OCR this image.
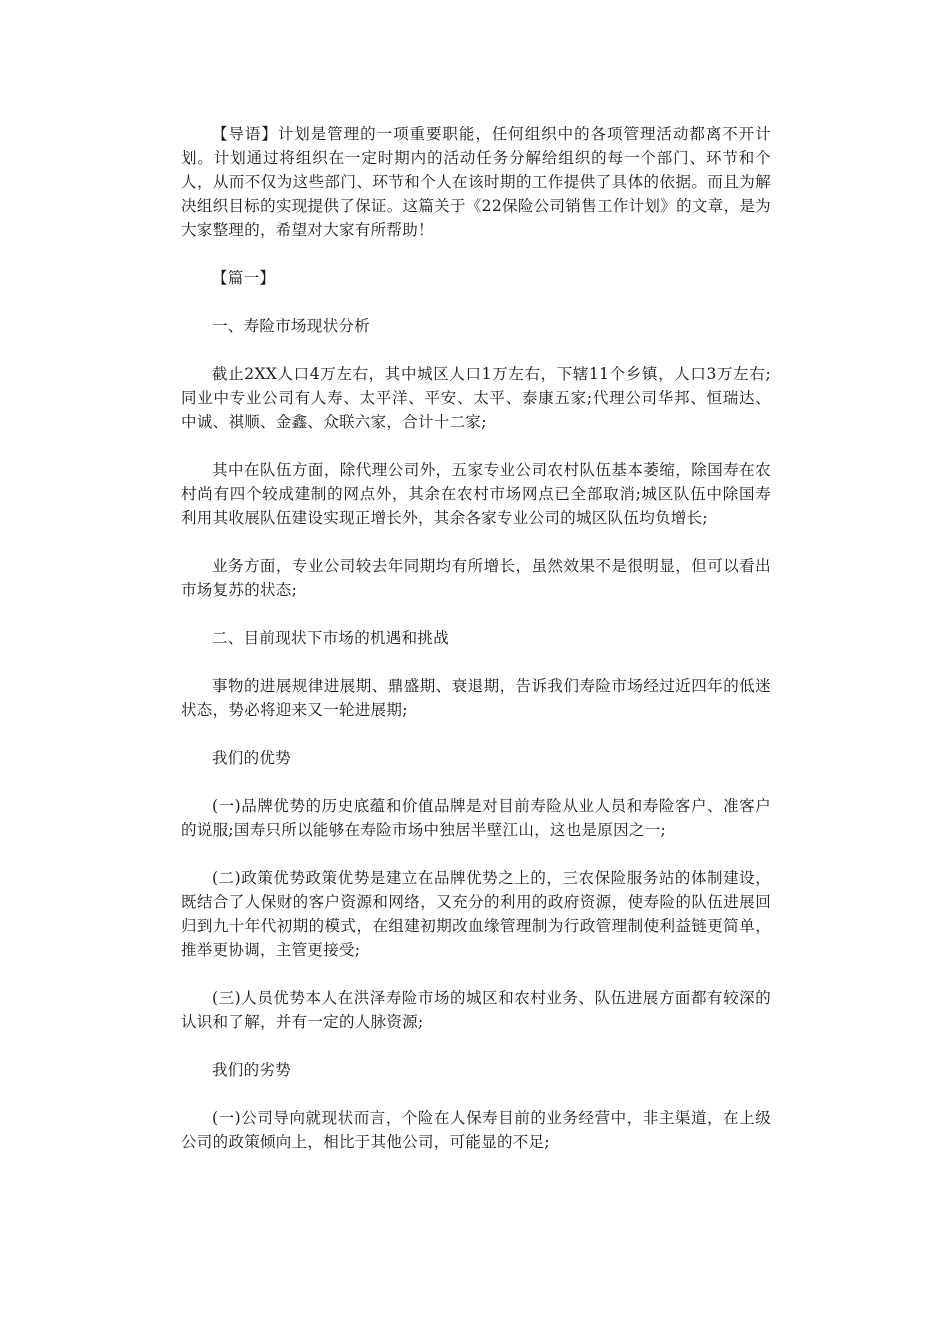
【导语】计划是管理的一项重要职能，任何组织中的各项管理活动都离不开计划。计划通过将组织在一定时期内的活动任务分解给组织的每一个部门、环节和个人，从而不仅为这些部门、环节和个人在该时期的工作提供了具体的依据。而且为解决组织目标的实现提供了保证。这篇关于《22保险公司销售工作计划》的文章，是为大家整理的，希望对大家有所帮助！

【篇一】

一、寿险市场现状分析

截止2XX人口4万左右，其中城区人口1万左右，下辖11个乡镇，人口3万左右;同业中专业公司有人寿、太平洋、平安、太平、泰康五家;代理公司华邦、恒瑞达、中诚、祺顺、金鑫、众联六家，合计十二家;

其中在队伍方面，除代理公司外，五家专业公司农村队伍基本萎缩，除国寿在农村尚有四个较成建制的网点外，其余在农村市场网点已全部取消;城区队伍中除国寿利用其收展队伍建设实现正增长外，其余各家专业公司的城区队伍均负增长;

业务方面，专业公司较去年同期均有所增长，虽然效果不是很明显，但可以看出市场复苏的状态;

二、目前现状下市场的机遇和挑战

事物的进展规律进展期、鼎盛期、衰退期，告诉我们寿险市场经过近四年的低迷状态，势必将迎来又一轮进展期;

我们的优势

(一)品牌优势的历史底蕴和价值品牌是对目前寿险从业人员和寿险客户、准客户的说服;国寿只所以能够在寿险市场中独居半壁江山，这也是原因之一;

(二)政策优势政策优势是建立在品牌优势之上的，三农保险服务站的体制建设，既结合了人保财的客户资源和网络，又充分的利用的政府资源，使寿险的队伍进展回归到九十年代初期的模式，在组建初期改血缘管理制为行政管理制使利益链更简单，推举更协调，主管更接受;

(三)人员优势本人在洪泽寿险市场的城区和农村业务、队伍进展方面都有较深的认识和了解，并有一定的人脉资源;

我们的劣势

(一)公司导向就现状而言，个险在人保寿目前的业务经营中，非主渠道，在上级公司的政策倾向上，相比于其他公司，可能显的不足;
